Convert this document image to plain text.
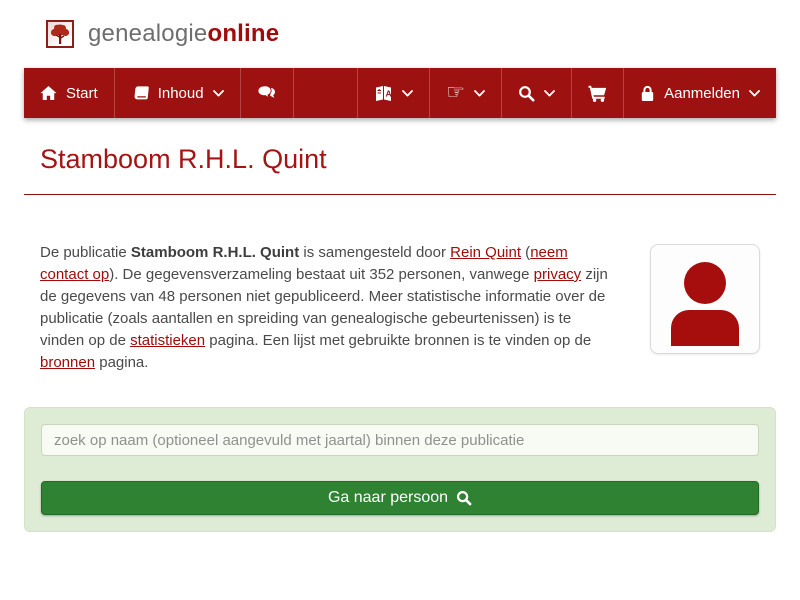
genealogieonline
Start	Inhoud	A	☞	Aanmelden
Stamboom R.H.L. Quint

De publicatie Stamboom R.H.L. Quint is samengesteld door Rein Quint (neem contact op). De gegevensverzameling bestaat uit 352 personen, vanwege privacy zijn de gegevens van 48 personen niet gepubliceerd. Meer statistische informatie over de publicatie (zoals aantallen en spreiding van genealogische gebeurtenissen) is te vinden op de statistieken pagina. Een lijst met gebruikte bronnen is te vinden op de bronnen pagina.

zoek op naam (optioneel aangevuld met jaartal) binnen deze publicatie
Ga naar persoon
